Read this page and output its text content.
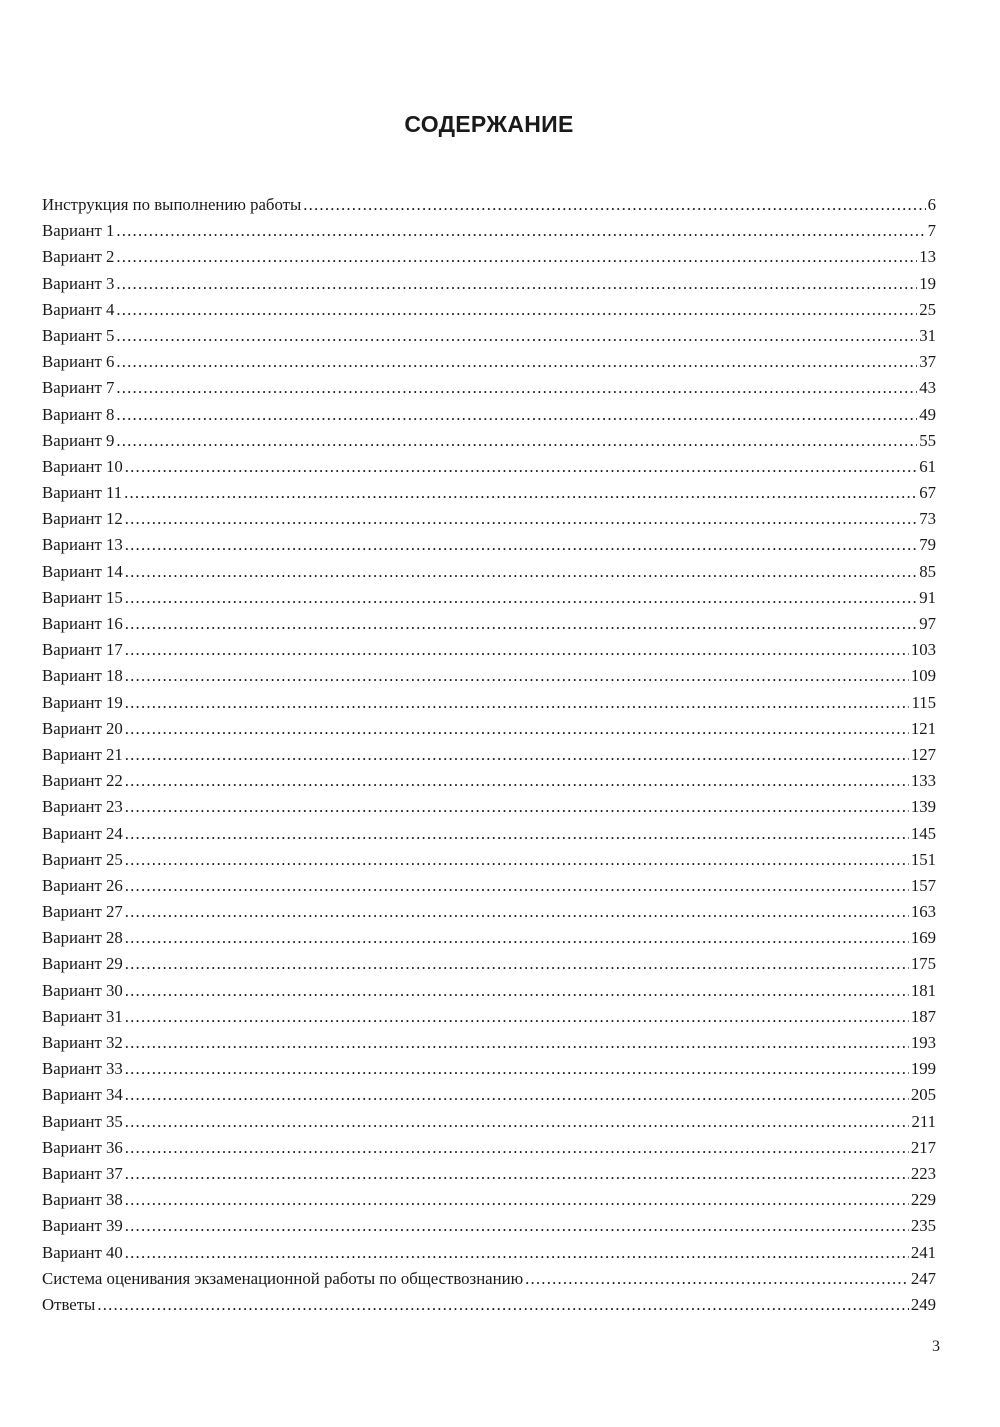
СОДЕРЖАНИЕ
Инструкция по выполнению работы .....	6
Вариант 1 .....	7
Вариант 2 .....	13
Вариант 3 .....	19
Вариант 4 .....	25
Вариант 5 .....	31
Вариант 6 .....	37
Вариант 7 .....	43
Вариант 8 .....	49
Вариант 9 .....	55
Вариант 10 .....	61
Вариант 11 .....	67
Вариант 12 .....	73
Вариант 13 .....	79
Вариант 14 .....	85
Вариант 15 .....	91
Вариант 16 .....	97
Вариант 17 .....	103
Вариант 18 .....	109
Вариант 19 .....	115
Вариант 20 .....	121
Вариант 21 .....	127
Вариант 22 .....	133
Вариант 23 .....	139
Вариант 24 .....	145
Вариант 25 .....	151
Вариант 26 .....	157
Вариант 27 .....	163
Вариант 28 .....	169
Вариант 29 .....	175
Вариант 30 .....	181
Вариант 31 .....	187
Вариант 32 .....	193
Вариант 33 .....	199
Вариант 34 .....	205
Вариант 35 .....	211
Вариант 36 .....	217
Вариант 37 .....	223
Вариант 38 .....	229
Вариант 39 .....	235
Вариант 40 .....	241
Система оценивания экзаменационной работы по обществознанию .....	247
Ответы .....	249
3
